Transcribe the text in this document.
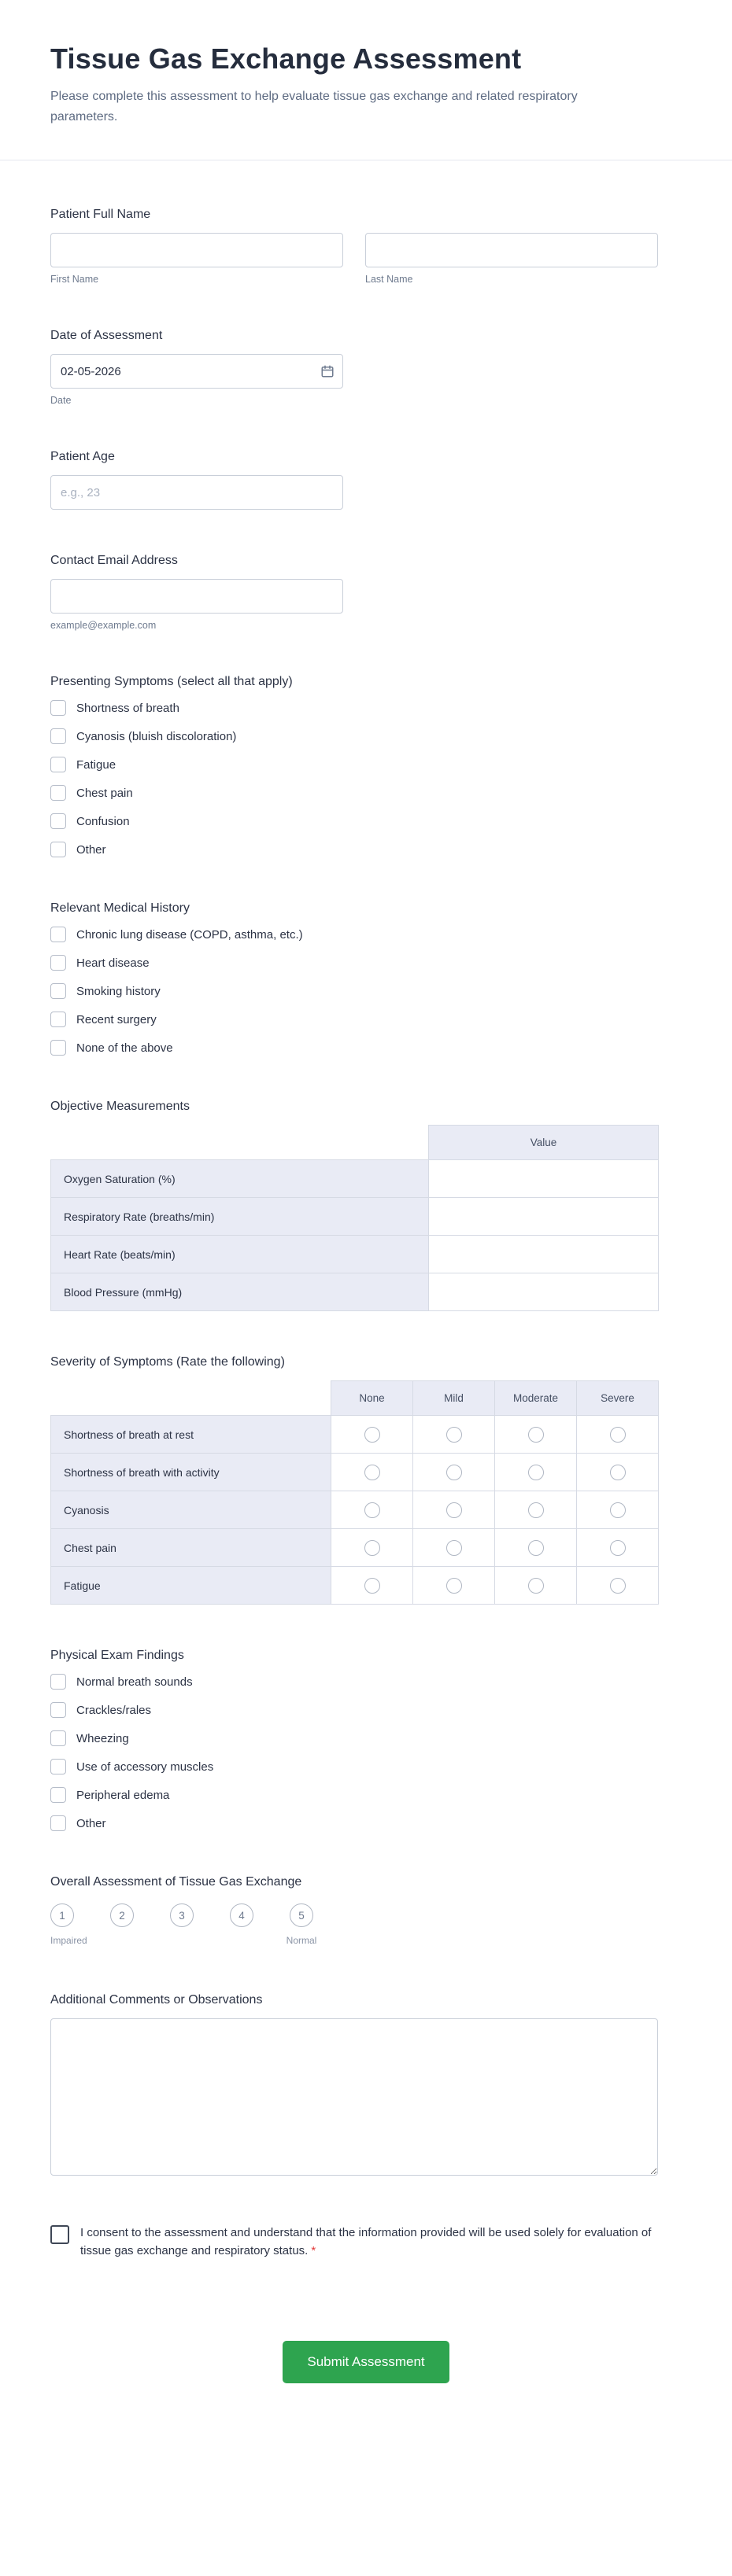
Tissue Gas Exchange Assessment

Please complete this assessment to help evaluate tissue gas exchange and related respiratory parameters.

Patient Full Name
First Name	Last Name
Date of Assessment
02-05-2026
Date
Patient Age
e.g., 23
Contact Email Address
example@example.com
Presenting Symptoms (select all that apply)
Shortness of breath
Cyanosis (bluish discoloration)
Fatigue
Chest pain
Confusion
Other
Relevant Medical History
Chronic lung disease (COPD, asthma, etc.)
Heart disease
Smoking history
Recent surgery
None of the above
Objective Measurements
	Value
Oxygen Saturation (%)	
Respiratory Rate (breaths/min)	
Heart Rate (beats/min)	
Blood Pressure (mmHg)	
Severity of Symptoms (Rate the following)
	None	Mild	Moderate	Severe
Shortness of breath at rest				
Shortness of breath with activity				
Cyanosis				
Chest pain				
Fatigue				
Physical Exam Findings
Normal breath sounds
Crackles/rales
Wheezing
Use of accessory muscles
Peripheral edema
Other
Overall Assessment of Tissue Gas Exchange
1	2	3	4	5
Impaired	Normal
Additional Comments or Observations
I consent to the assessment and understand that the information provided will be used solely for evaluation of tissue gas exchange and respiratory status. *
Submit Assessment
